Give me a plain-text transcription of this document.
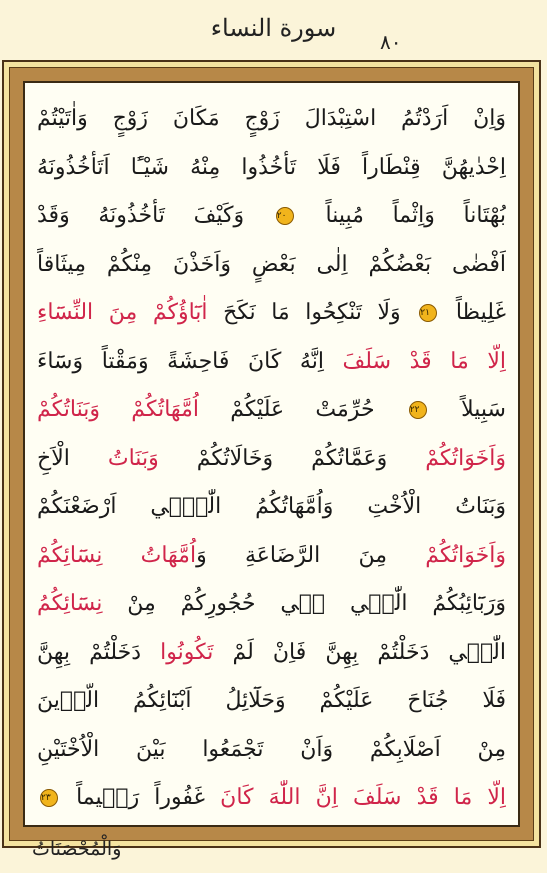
سورة النساء	٨٠
وَاِنْ اَرَدْتُمُ اسْتِبْدَالَ زَوْجٍ مَكَانَ زَوْجٍ وَاٰتَيْتُمْ
اِحْدٰيهُنَّ قِنْطَاراً فَلَا تَأْخُذُوا مِنْهُ شَيْـًٔا اَتَأْخُذُونَهُ
بُهْتَاناً وَاِثْماً مُبِيناً ٢٠ وَكَيْفَ تَأْخُذُونَهُ وَقَدْ
اَفْضٰى بَعْضُكُمْ اِلٰى بَعْضٍ وَاَخَذْنَ مِنْكُمْ مِيثَاقاً
غَلِيظاً ٢١ وَلَا تَنْكِحُوا مَا نَكَحَ اٰبَٓاؤُكُمْ مِنَ النِّسَٓاءِ
اِلَّا مَا قَدْ سَلَفَ اِنَّهُ كَانَ فَاحِشَةً وَمَقْتاً وَسَٓاءَ
سَبِيلاً ٢٢ حُرِّمَتْ عَلَيْكُمْ اُمَّهَاتُكُمْ وَبَنَاتُكُمْ
وَاَخَوَاتُكُمْ وَعَمَّاتُكُمْ وَخَالَاتُكُمْ وَبَنَاتُ الْاَخِ
وَبَنَاتُ الْاُخْتِ وَاُمَّهَاتُكُمُ الّٰت۪ٓي اَرْضَعْنَكُمْ
وَاَخَوَاتُكُمْ مِنَ الرَّضَاعَةِ وَاُمَّهَاتُ نِسَٓائِكُمْ
وَرَبَٓائِبُكُمُ الّٰت۪ي ف۪ي حُجُورِكُمْ مِنْ نِسَٓائِكُمُ
الّٰت۪ي دَخَلْتُمْ بِهِنَّ فَاِنْ لَمْ تَكُونُوا دَخَلْتُمْ بِهِنَّ
فَلَا جُنَاحَ عَلَيْكُمْ وَحَلَٓائِلُ اَبْنَٓائِكُمُ الَّذ۪ينَ
مِنْ اَصْلَابِكُمْ وَاَنْ تَجْمَعُوا بَيْنَ الْاُخْتَيْنِ
اِلَّا مَا قَدْ سَلَفَ اِنَّ اللّٰهَ كَانَ غَفُوراً رَح۪يماً ٢٣
وَالْمُحْصَنَاتُ
